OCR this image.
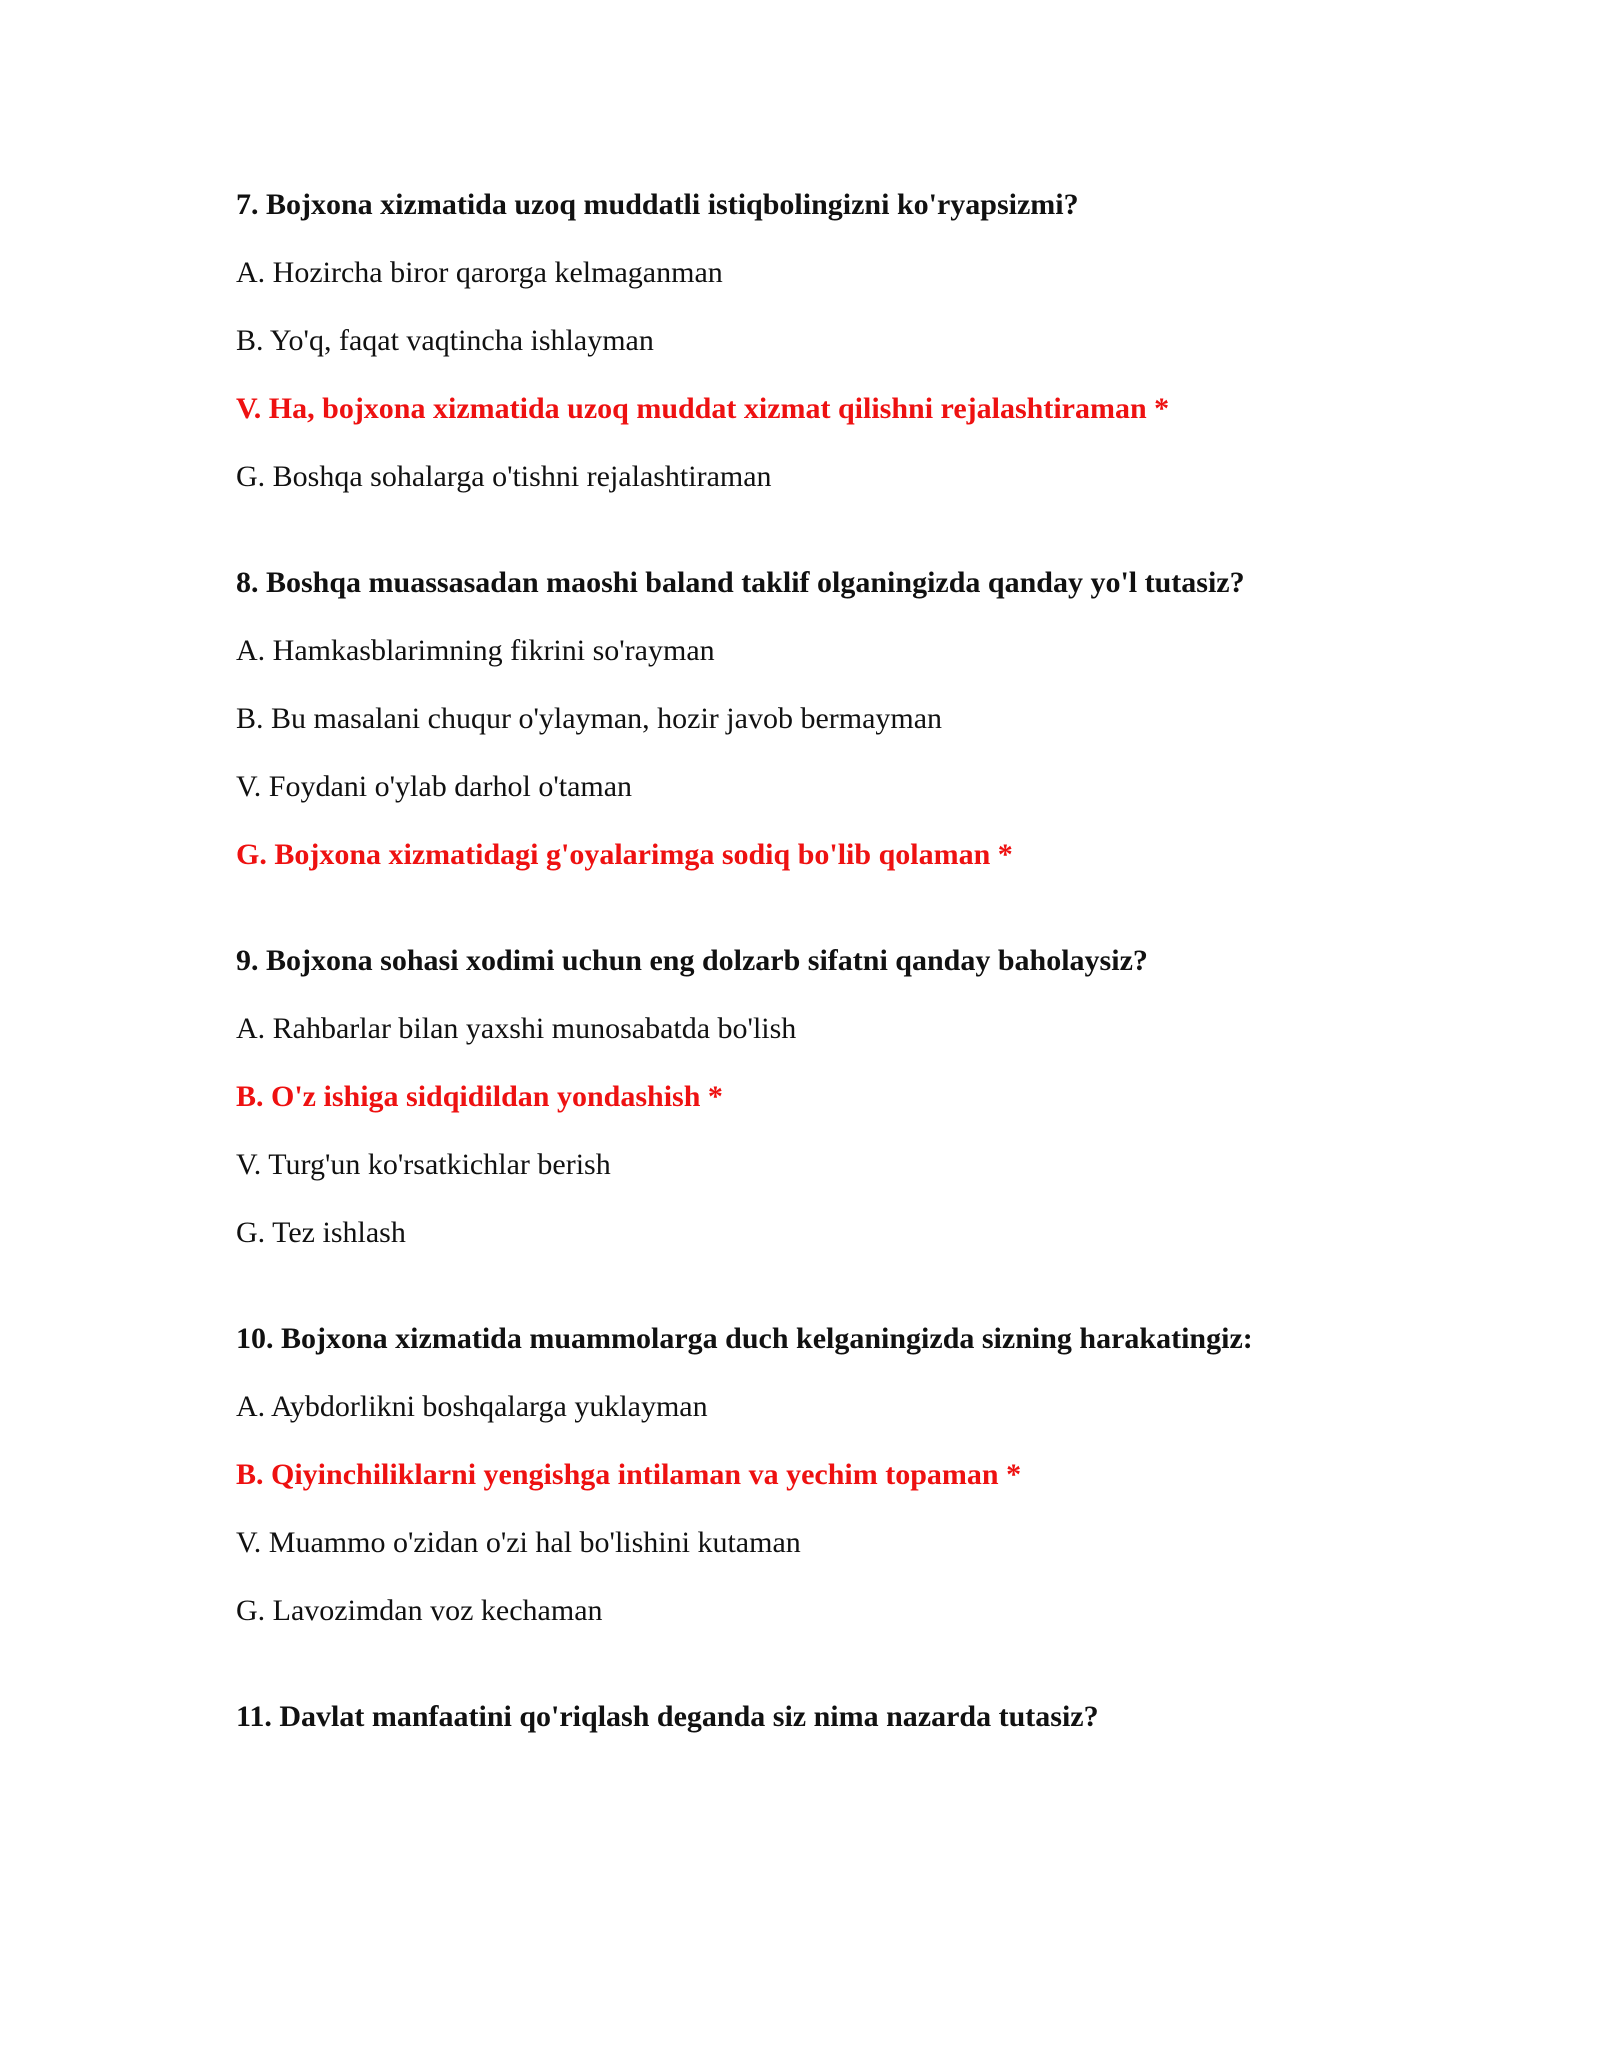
7. Bojxona xizmatida uzoq muddatli istiqbolingizni ko'ryapsizmi?
A. Hozircha biror qarorga kelmaganman
B. Yo'q, faqat vaqtincha ishlayman
V. Ha, bojxona xizmatida uzoq muddat xizmat qilishni rejalashtiraman *
G. Boshqa sohalarga o'tishni rejalashtiraman
8. Boshqa muassasadan maoshi baland taklif olganingizda qanday yo'l tutasiz?
A. Hamkasblarimning fikrini so'rayman
B. Bu masalani chuqur o'ylayman, hozir javob bermayman
V. Foydani o'ylab darhol o'taman
G. Bojxona xizmatidagi g'oyalarimga sodiq bo'lib qolaman *
9. Bojxona sohasi xodimi uchun eng dolzarb sifatni qanday baholaysiz?
A. Rahbarlar bilan yaxshi munosabatda bo'lish
B. O'z ishiga sidqidildan yondashish *
V. Turg'un ko'rsatkichlar berish
G. Tez ishlash
10. Bojxona xizmatida muammolarga duch kelganingizda sizning harakatingiz:
A. Aybdorlikni boshqalarga yuklayman
B. Qiyinchiliklarni yengishga intilaman va yechim topaman *
V. Muammo o'zidan o'zi hal bo'lishini kutaman
G. Lavozimdan voz kechaman
11. Davlat manfaatini qo'riqlash deganda siz nima nazarda tutasiz?
